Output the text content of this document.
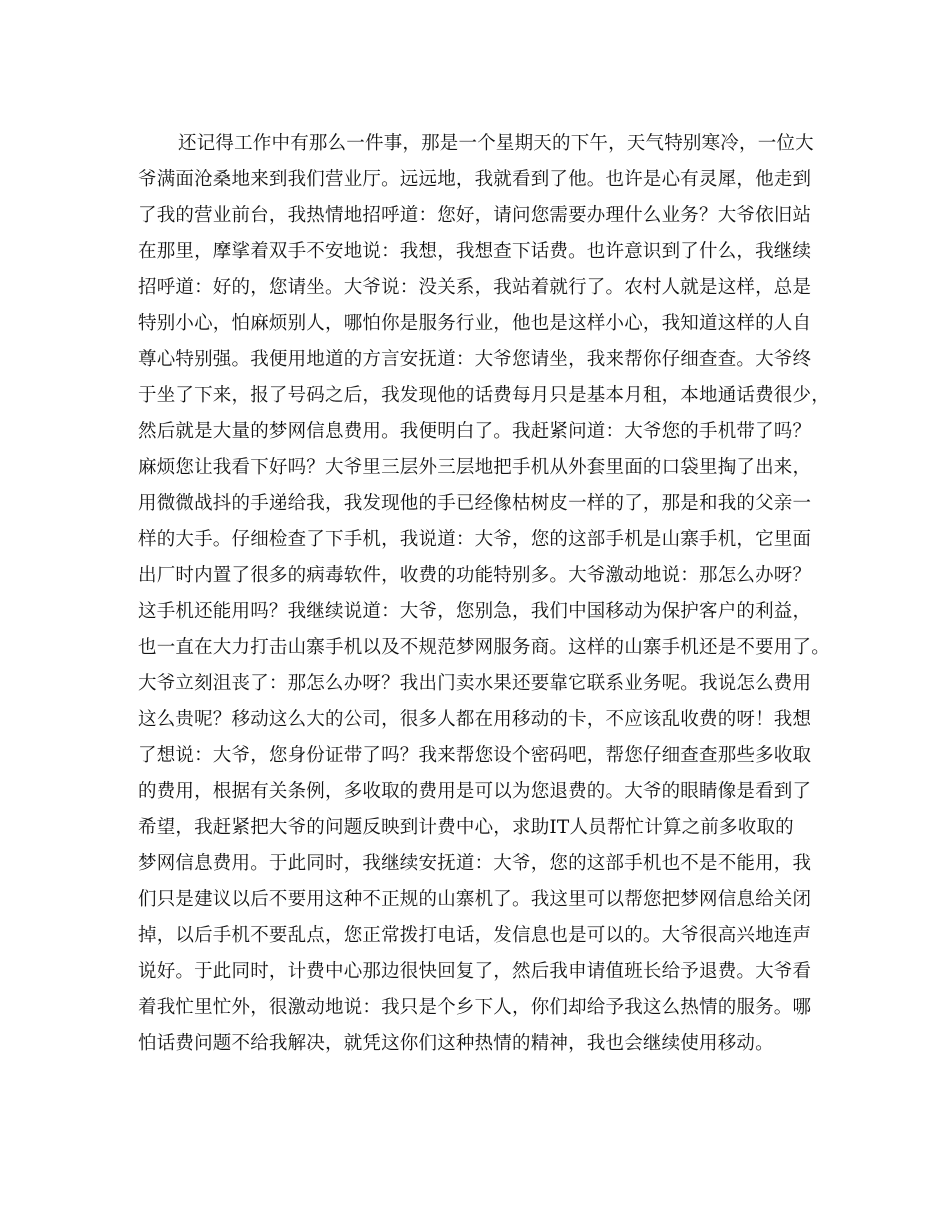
还记得工作中有那么一件事，那是一个星期天的下午，天气特别寒冷，一位大
爷满面沧桑地来到我们营业厅。远远地，我就看到了他。也许是心有灵犀，他走到
了我的营业前台，我热情地招呼道：您好，请问您需要办理什么业务？大爷依旧站
在那里，摩挲着双手不安地说：我想，我想查下话费。也许意识到了什么，我继续
招呼道：好的，您请坐。大爷说：没关系，我站着就行了。农村人就是这样，总是
特别小心，怕麻烦别人，哪怕你是服务行业，他也是这样小心，我知道这样的人自
尊心特别强。我便用地道的方言安抚道：大爷您请坐，我来帮你仔细查查。大爷终
于坐了下来，报了号码之后，我发现他的话费每月只是基本月租，本地通话费很少，
然后就是大量的梦网信息费用。我便明白了。我赶紧问道：大爷您的手机带了吗？
麻烦您让我看下好吗？大爷里三层外三层地把手机从外套里面的口袋里掏了出来，
用微微战抖的手递给我，我发现他的手已经像枯树皮一样的了，那是和我的父亲一
样的大手。仔细检查了下手机，我说道：大爷，您的这部手机是山寨手机，它里面
出厂时内置了很多的病毒软件，收费的功能特别多。大爷激动地说：那怎么办呀？
这手机还能用吗？我继续说道：大爷，您别急，我们中国移动为保护客户的利益，
也一直在大力打击山寨手机以及不规范梦网服务商。这样的山寨手机还是不要用了。
大爷立刻沮丧了：那怎么办呀？我出门卖水果还要靠它联系业务呢。我说怎么费用
这么贵呢？移动这么大的公司，很多人都在用移动的卡，不应该乱收费的呀！我想
了想说：大爷，您身份证带了吗？我来帮您设个密码吧，帮您仔细查查那些多收取
的费用，根据有关条例，多收取的费用是可以为您退费的。大爷的眼睛像是看到了
希望，我赶紧把大爷的问题反映到计费中心，求助IT人员帮忙计算之前多收取的
梦网信息费用。于此同时，我继续安抚道：大爷，您的这部手机也不是不能用，我
们只是建议以后不要用这种不正规的山寨机了。我这里可以帮您把梦网信息给关闭
掉，以后手机不要乱点，您正常拨打电话，发信息也是可以的。大爷很高兴地连声
说好。于此同时，计费中心那边很快回复了，然后我申请值班长给予退费。大爷看
着我忙里忙外，很激动地说：我只是个乡下人，你们却给予我这么热情的服务。哪
怕话费问题不给我解决，就凭这你们这种热情的精神，我也会继续使用移动。
